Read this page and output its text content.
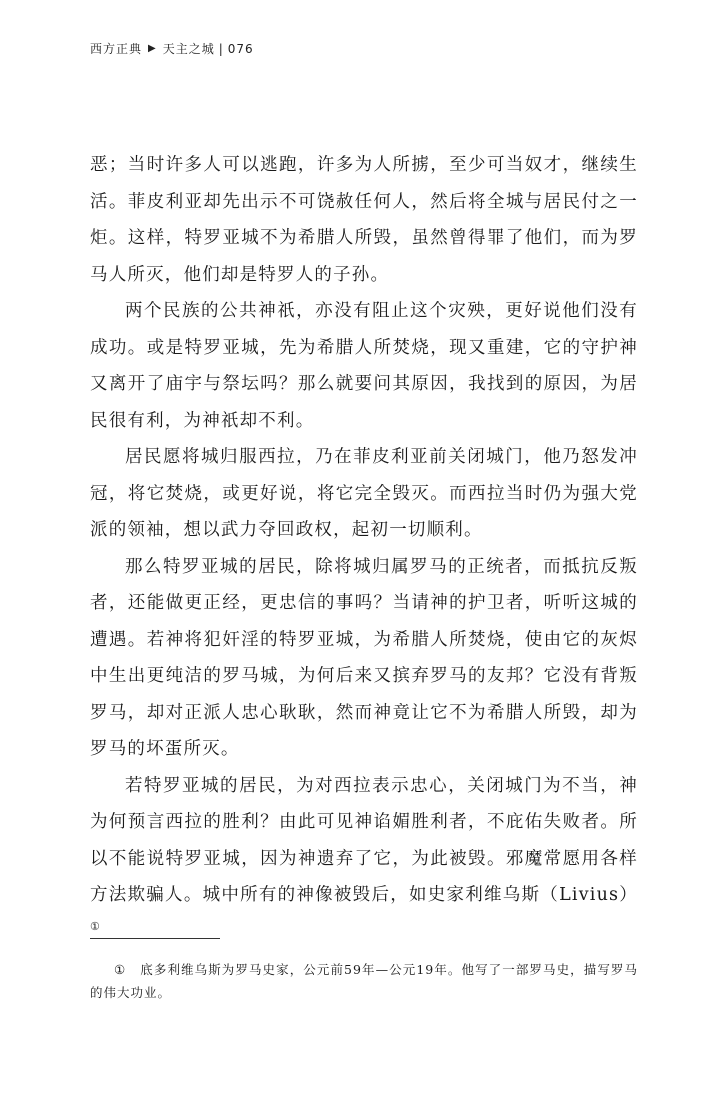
西方正典 ▶ 天主之城 | 076

恶；当时许多人可以逃跑，许多为人所掳，至少可当奴才，继续生活。菲皮利亚却先出示不可饶赦任何人，然后将全城与居民付之一炬。这样，特罗亚城不为希腊人所毁，虽然曾得罪了他们，而为罗马人所灭，他们却是特罗人的子孙。

两个民族的公共神祇，亦没有阻止这个灾殃，更好说他们没有成功。或是特罗亚城，先为希腊人所焚烧，现又重建，它的守护神又离开了庙宇与祭坛吗？那么就要问其原因，我找到的原因，为居民很有利，为神祇却不利。

居民愿将城归服西拉，乃在菲皮利亚前关闭城门，他乃怒发冲冠，将它焚烧，或更好说，将它完全毁灭。而西拉当时仍为强大党派的领袖，想以武力夺回政权，起初一切顺利。

那么特罗亚城的居民，除将城归属罗马的正统者，而抵抗反叛者，还能做更正经，更忠信的事吗？当请神的护卫者，听听这城的遭遇。若神将犯奸淫的特罗亚城，为希腊人所焚烧，使由它的灰烬中生出更纯洁的罗马城，为何后来又摈弃罗马的友邦？它没有背叛罗马，却对正派人忠心耿耿，然而神竟让它不为希腊人所毁，却为罗马的坏蛋所灭。

若特罗亚城的居民，为对西拉表示忠心，关闭城门为不当，神为何预言西拉的胜利？由此可见神谄媚胜利者，不庇佑失败者。所以不能说特罗亚城，因为神遗弃了它，为此被毁。邪魔常愿用各样方法欺骗人。城中所有的神像被毁后，如史家利维乌斯（Livius）①

① 底多利维乌斯为罗马史家，公元前59年—公元19年。他写了一部罗马史，描写罗马的伟大功业。
